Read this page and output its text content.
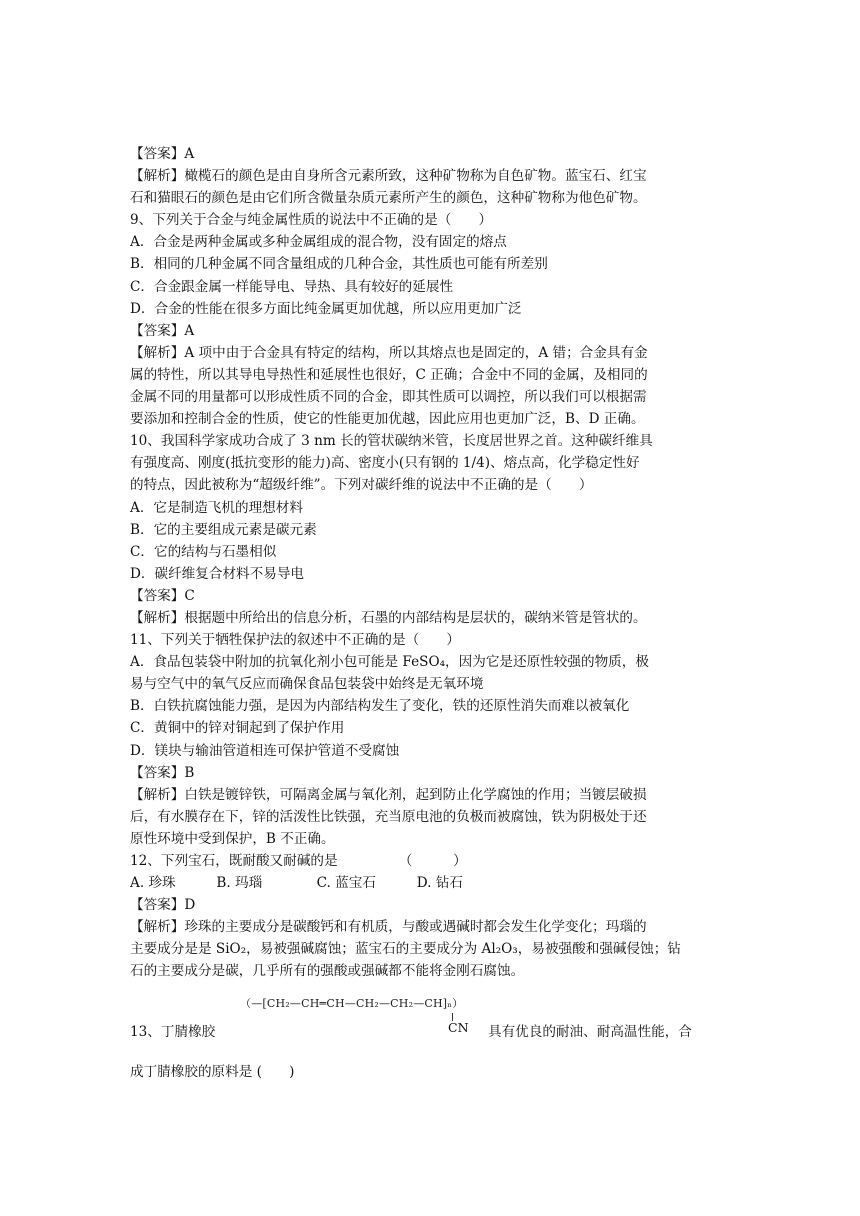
【答案】A
【解析】橄榄石的颜色是由自身所含元素所致，这种矿物称为自色矿物。蓝宝石、红宝
石和猫眼石的颜色是由它们所含微量杂质元素所产生的颜色，这种矿物称为他色矿物。
9、下列关于合金与纯金属性质的说法中不正确的是（　　）
A．合金是两种金属或多种金属组成的混合物，没有固定的熔点
B．相同的几种金属不同含量组成的几种合金，其性质也可能有所差别
C．合金跟金属一样能导电、导热、具有较好的延展性
D．合金的性能在很多方面比纯金属更加优越，所以应用更加广泛
【答案】A
【解析】A 项中由于合金具有特定的结构，所以其熔点也是固定的，A 错；合金具有金
属的特性，所以其导电导热性和延展性也很好，C 正确；合金中不同的金属，及相同的
金属不同的用量都可以形成性质不同的合金，即其性质可以调控，所以我们可以根据需
要添加和控制合金的性质，使它的性能更加优越，因此应用也更加广泛，B、D 正确。
10、我国科学家成功合成了 3 nm 长的管状碳纳米管，长度居世界之首。这种碳纤维具
有强度高、刚度(抵抗变形的能力)高、密度小(只有钢的 1/4)、熔点高，化学稳定性好
的特点，因此被称为“超级纤维”。下列对碳纤维的说法中不正确的是（　　）
A．它是制造飞机的理想材料
B．它的主要组成元素是碳元素
C．它的结构与石墨相似
D．碳纤维复合材料不易导电
【答案】C
【解析】根据题中所给出的信息分析，石墨的内部结构是层状的，碳纳米管是管状的。
11、下列关于牺牲保护法的叙述中不正确的是（　　）
A．食品包装袋中附加的抗氧化剂小包可能是 FeSO₄，因为它是还原性较强的物质，极
易与空气中的氧气反应而确保食品包装袋中始终是无氧环境
B．白铁抗腐蚀能力强，是因为内部结构发生了变化，铁的还原性消失而难以被氧化
C．黄铜中的锌对铜起到了保护作用
D．镁块与输油管道相连可保护管道不受腐蚀
【答案】B
【解析】白铁是镀锌铁，可隔离金属与氧化剂，起到防止化学腐蚀的作用；当镀层破损
后，有水膜存在下，锌的活泼性比铁强，充当原电池的负极而被腐蚀，铁为阴极处于还
原性环境中受到保护，B 不正确。
12、下列宝石，既耐酸又耐碱的是　　　　　（　　　）
A. 珍珠　　　B. 玛瑙　　　　C. 蓝宝石　　　D. 钻石
【答案】D
【解析】珍珠的主要成分是碳酸钙和有机质，与酸或遇碱时都会发生化学变化；玛瑙的
主要成分是是 SiO₂，易被强碱腐蚀；蓝宝石的主要成分为 Al₂O₃，易被强酸和强碱侵蚀；钻
石的主要成分是碳，几乎所有的强酸或强碱都不能将金刚石腐蚀。
（—[CH₂—CH═CH—CH₂—CH₂—CH]ₙ）
13、丁腈橡胶	CN 具有优良的耐油、耐高温性能，合
成丁腈橡胶的原料是 (　　)
